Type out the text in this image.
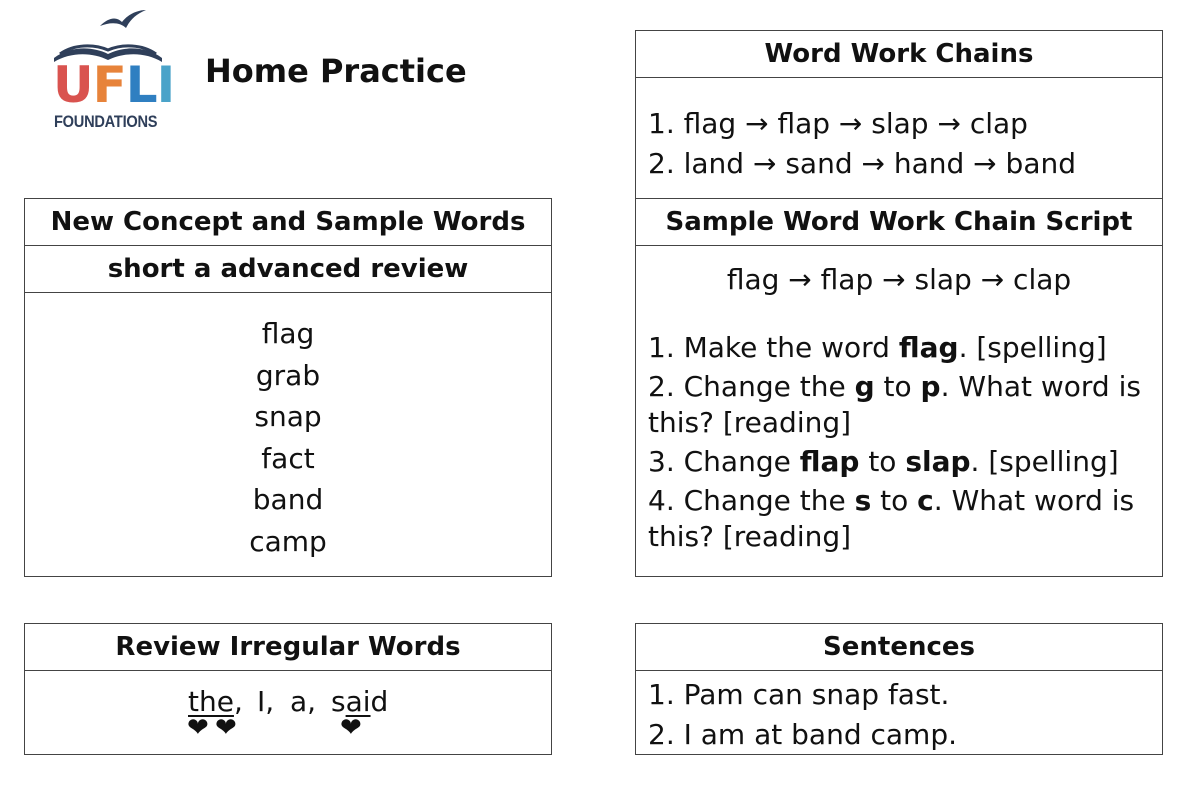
UFLI
FOUNDATIONS
Home Practice
New Concept and Sample Words
short a advanced review
flag
grab
snap
fact
band
camp
Review Irregular Words
the,
❤ ❤
I, a, said
❤
Word Work Chains
1. flag → flap → slap → clap
2. land → sand → hand → band
Sample Word Work Chain Script
flag → flap → slap → clap
1. Make the word flag. [spelling]
2. Change the g to p. What word is this? [reading]
3. Change flap to slap. [spelling]
4. Change the s to c. What word is this? [reading]
Sentences
1. Pam can snap fast.
2. I am at band camp.
